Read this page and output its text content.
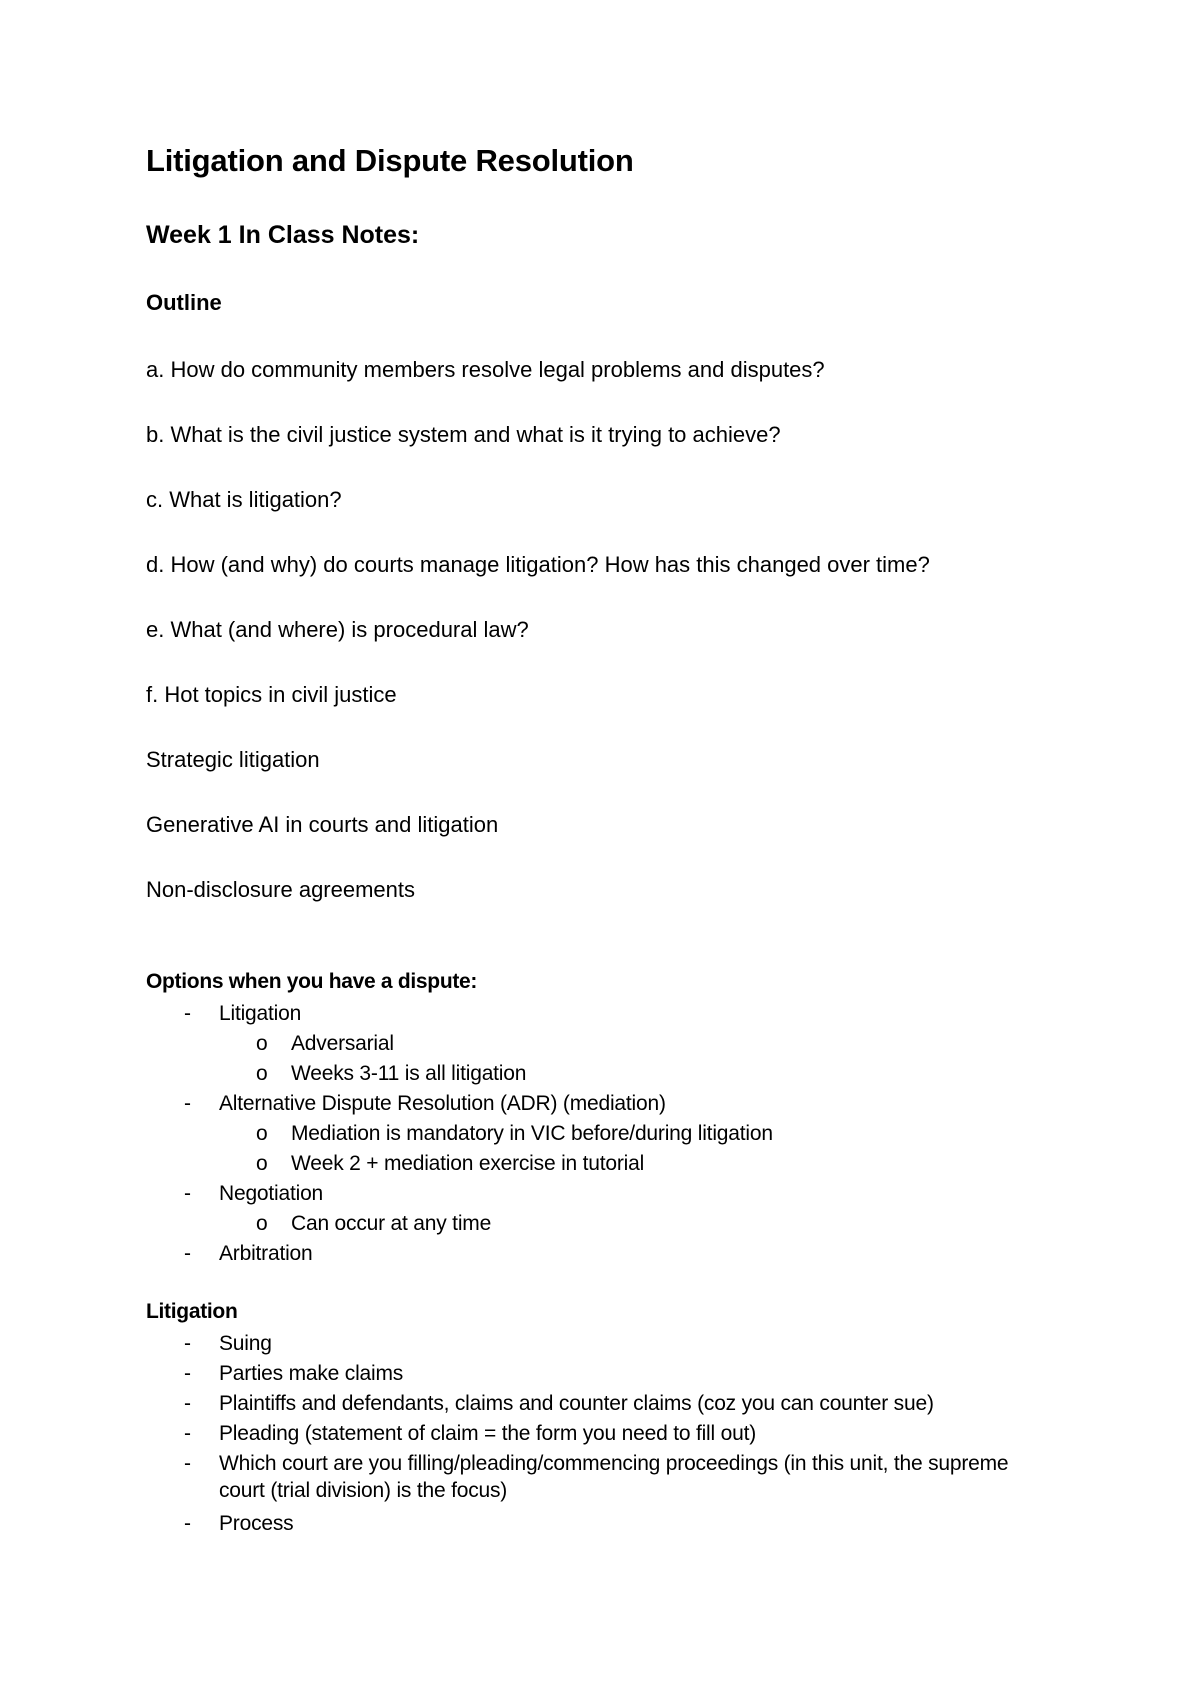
Litigation and Dispute Resolution
Week 1 In Class Notes:
Outline
a. How do community members resolve legal problems and disputes?
b. What is the civil justice system and what is it trying to achieve?
c. What is litigation?
d. How (and why) do courts manage litigation? How has this changed over time?
e. What (and where) is procedural law?
f. Hot topics in civil justice
Strategic litigation
Generative AI in courts and litigation
Non-disclosure agreements
Options when you have a dispute:
-	Litigation
o	Adversarial
o	Weeks 3-11 is all litigation
-	Alternative Dispute Resolution (ADR) (mediation)
o	Mediation is mandatory in VIC before/during litigation
o	Week 2 + mediation exercise in tutorial
-	Negotiation
o	Can occur at any time
-	Arbitration
Litigation
-	Suing
-	Parties make claims
-	Plaintiffs and defendants, claims and counter claims (coz you can counter sue)
-	Pleading (statement of claim = the form you need to fill out)
-	Which court are you filling/pleading/commencing proceedings (in this unit, the supreme court (trial division) is the focus)
-	Process
